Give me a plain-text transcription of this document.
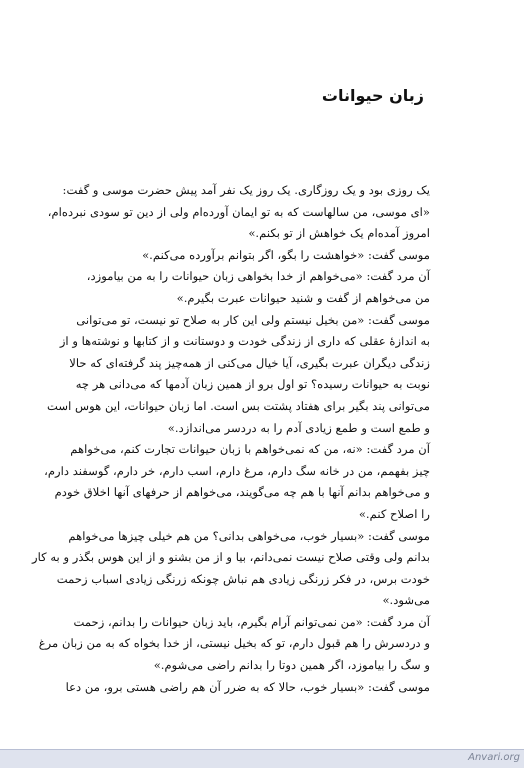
زبان حیوانات
یک روزی بود و یک روزگاری. یک روز یک نفر آمد پیش حضرت موسی و گفت:
«ای موسی، من سالهاست که به تو ایمان آورده‌ام ولی از دین تو سودی نبرده‌ام،
امروز آمده‌ام یک خواهش از تو بکنم.»
موسی گفت: «خواهشت را بگو، اگر بتوانم برآورده می‌کنم.»
آن مرد گفت: «می‌خواهم از خدا بخواهی زبان حیوانات را به من بیاموزد،
من می‌خواهم از گفت و شنید حیوانات عبرت بگیرم.»
موسی گفت: «من بخیل نیستم ولی این کار به صلاح تو نیست، تو می‌توانی
به اندازهٔ عقلی که داری از زندگی خودت و دوستانت و از کتابها و نوشته‌ها و از
زندگی دیگران عبرت بگیری، آیا خیال می‌کنی از همه‌چیز پند گرفته‌ای که حالا
نوبت به حیوانات رسیده؟ تو اول برو از همین زبان آدمها که می‌دانی هر چه
می‌توانی پند بگیر برای هفتاد پشتت بس است. اما زبان حیوانات، این هوس است
و طمع است و طمع زیادی آدم را به دردسر می‌اندازد.»
آن مرد گفت: «نه، من که نمی‌خواهم با زبان حیوانات تجارت کنم، می‌خواهم
چیز بفهمم، من در خانه سگ دارم، مرغ دارم، اسب دارم، خر دارم، گوسفند دارم،
و می‌خواهم بدانم آنها با هم چه می‌گویند، می‌خواهم از حرفهای آنها اخلاق خودم
را اصلاح کنم.»
موسی گفت: «بسیار خوب، می‌خواهی بدانی؟ من هم خیلی چیزها می‌خواهم
بدانم ولی وقتی صلاح نیست نمی‌دانم، بیا و از من بشنو و از این هوس بگذر و به کار
خودت برس، در فکر زرنگی زیادی هم نباش چونکه زرنگی زیادی اسباب زحمت
می‌شود.»
آن مرد گفت: «من نمی‌توانم آرام بگیرم، باید زبان حیوانات را بدانم، زحمت
و دردسرش را هم قبول دارم، تو که بخیل نیستی، از خدا بخواه که به من زبان مرغ
و سگ را بیاموزد، اگر همین دوتا را بدانم راضی می‌شوم.»
موسی گفت: «بسیار خوب، حالا که به ضرر آن هم راضی هستی برو، من دعا
Anvari.org
